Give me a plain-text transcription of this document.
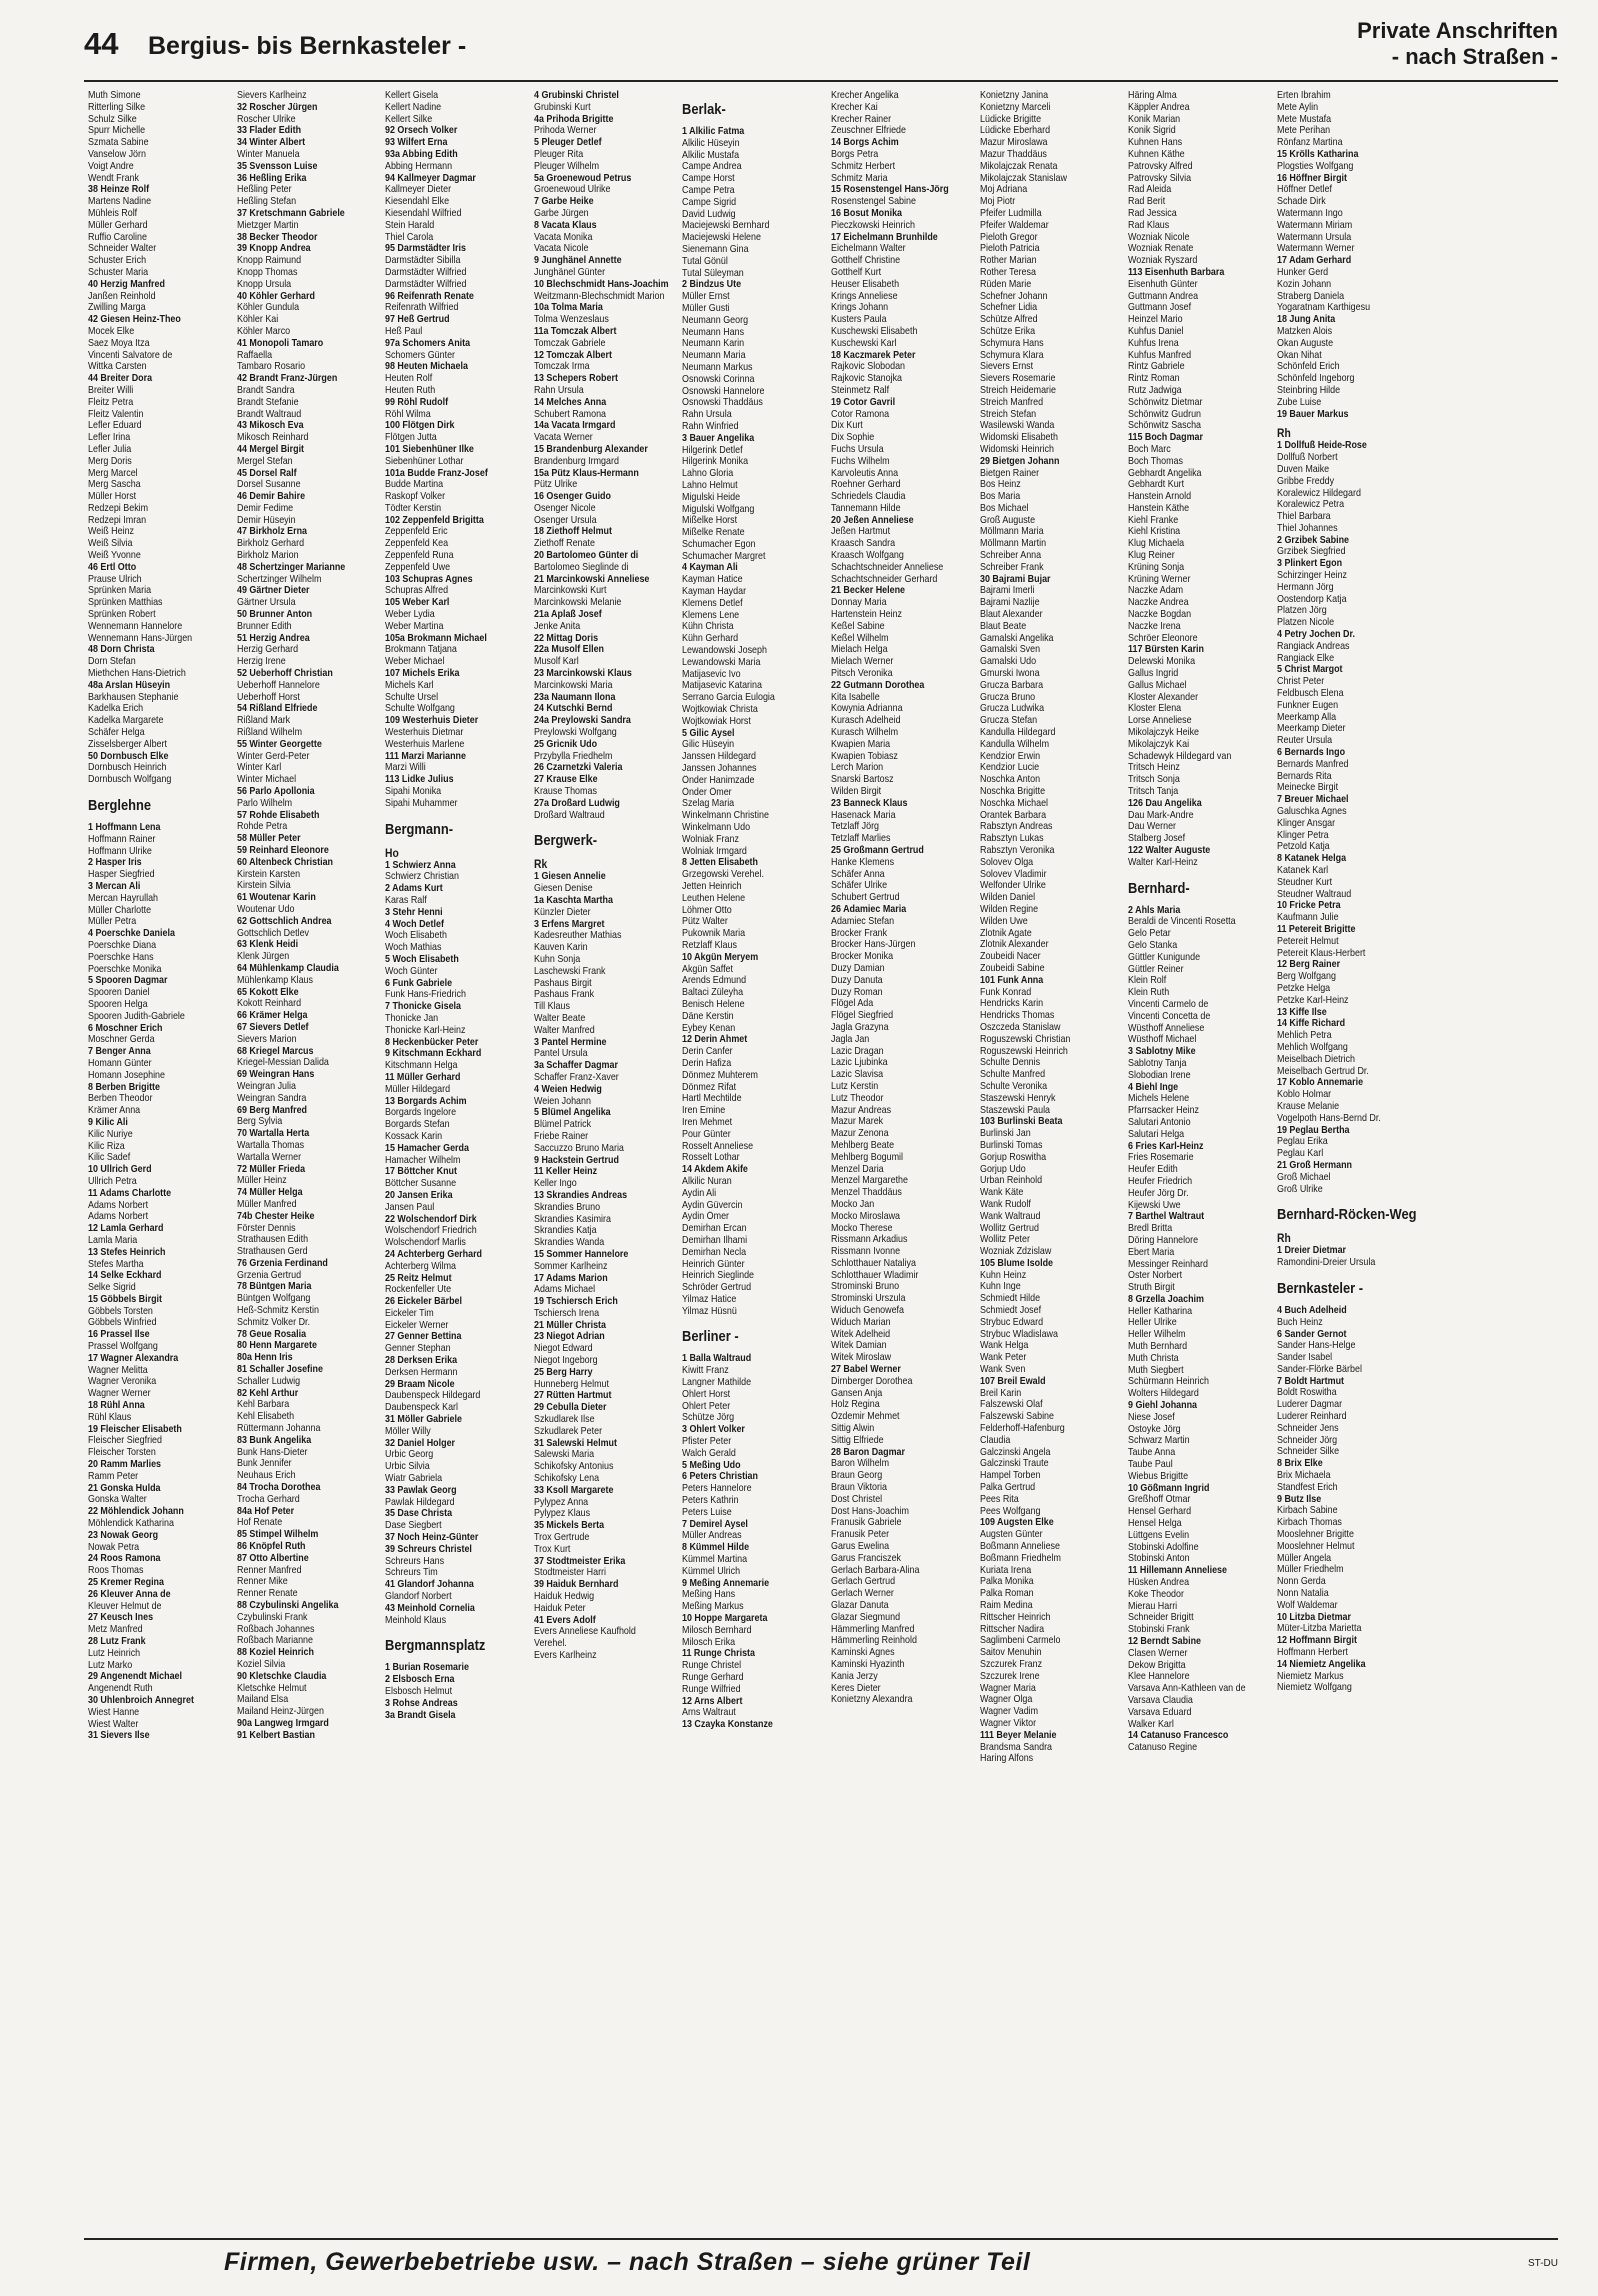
44 Bergius- bis Bernkasteler -
Private Anschriften
- nach Straßen -
Muth Simone
Ritterling Silke
Schulz Silke
Spurr Michelle
Szmata Sabine
Vanselow Jörn
Voigt Andre
Wendt Frank
38 Heinze Rolf
Martens Nadine
Mühleis Rolf
Müller Gerhard
Ruffio Caroline
Schneider Walter
Schuster Erich
Schuster Maria
40 Herzig Manfred
Janßen Reinhold
Zwilling Marga
42 Giesen Heinz-Theo
Mocek Elke
Saez Moya Itza
Vincenti Salvatore de
Wittka Carsten
44 Breiter Dora
Breiter Willi
Fleitz Petra
Fleitz Valentin
Lefler Eduard
Lefler Irina
Lefler Julia
Merg Doris
Merg Marcel
Merg Sascha
Müller Horst
Redzepi Bekim
Redzepi Imran
Weiß Heinz
Weiß Silvia
Weiß Yvonne
46 Ertl Otto
Prause Ulrich
Sprünken Maria
Sprünken Matthias
Sprünken Robert
Wennemann Hannelore
Wennemann Hans-Jürgen
48 Dorn Christa
Dorn Stefan
Miethchen Hans-Dietrich
48a Arslan Hüseyin
Barkhausen Stephanie
Kadelka Erich
Kadelka Margarete
Schäfer Helga
Zisselsberger Albert
50 Dornbusch Elke
Dornbusch Heinrich
Dornbusch Wolfgang
Berglehne
1 Hoffmann Lena
Hoffmann Rainer
Hoffmann Ulrike
2 Hasper Iris
Hasper Siegfried
3 Mercan Ali
Mercan Hayrullah
Müller Charlotte
Müller Petra
4 Poerschke Daniela
Poerschke Diana
Poerschke Hans
Poerschke Monika
5 Spooren Dagmar
Spooren Daniel
Spooren Helga
Spooren Judith-Gabriele
6 Moschner Erich
Moschner Gerda
7 Benger Anna
Homann Günter
Homann Josephine
8 Berben Brigitte
Berben Theodor
Krämer Anna
9 Kilic Ali
Kilic Nuriye
Kilic Riza
Kilic Sadef
10 Ullrich Gerd
Ullrich Petra
11 Adams Charlotte
Adams Norbert
Adams Norbert
12 Lamla Gerhard
Lamla Maria
13 Stefes Heinrich
Stefes Martha
14 Selke Eckhard
Selke Sigrid
15 Göbbels Birgit
Göbbels Torsten
Göbbels Winfried
16 Prassel Ilse
Prassel Wolfgang
17 Wagner Alexandra
Wagner Melitta
Wagner Veronika
Wagner Werner
18 Rühl Anna
Rühl Klaus
19 Fleischer Elisabeth
Fleischer Siegfried
Fleischer Torsten
20 Ramm Marlies
Ramm Peter
21 Gonska Hulda
Gonska Walter
22 Möhlendick Johann
Möhlendick Katharina
23 Nowak Georg
Nowak Petra
24 Roos Ramona
Roos Thomas
25 Kremer Regina
26 Kleuver Anna de
Kleuver Helmut de
27 Keusch Ines
Metz Manfred
28 Lutz Frank
Lutz Heinrich
Lutz Marko
29 Angenendt Michael
Angenendt Ruth
30 Uhlenbroich Annegret
Wiest Hanne
Wiest Walter
31 Sievers Ilse
Sievers Karlheinz
32 Roscher Jürgen
Roscher Ulrike
33 Flader Edith
34 Winter Albert
Winter Manuela
35 Svensson Luise
36 Heßling Erika
Heßling Peter
Heßling Stefan
37 Kretschmann Gabriele
Mietzger Martin
38 Becker Theodor
39 Knopp Andrea
Knopp Raimund
Knopp Thomas
Knopp Ursula
40 Köhler Gerhard
Köhler Gundula
Köhler Kai
Köhler Marco
41 Monopoli Tamaro
Raffaella
Tambaro Rosario
42 Brandt Franz-Jürgen
Brandt Sandra
Brandt Stefanie
Brandt Waltraud
43 Mikosch Eva
Mikosch Reinhard
44 Mergel Birgit
Mergel Stefan
45 Dorsel Ralf
Dorsel Susanne
46 Demir Bahire
Demir Fedime
Demir Hüseyin
47 Birkholz Erna
Birkholz Gerhard
Birkholz Marion
48 Schertzinger Marianne
Schertzinger Wilhelm
49 Gärtner Dieter
Gärtner Ursula
50 Brunner Anton
Brunner Edith
51 Herzig Andrea
Herzig Gerhard
Herzig Irene
52 Ueberhoff Christian
Ueberhoff Hannelore
Ueberhoff Horst
54 Rißland Elfriede
Rißland Mark
Rißland Wilhelm
55 Winter Georgette
Winter Gerd-Peter
Winter Karl
Winter Michael
56 Parlo Apollonia
Parlo Wilhelm
57 Rohde Elisabeth
Rohde Petra
58 Müller Peter
59 Reinhard Eleonore
60 Altenbeck Christian
Kirstein Karsten
Kirstein Silvia
61 Woutenar Karin
Woutenar Udo
62 Gottschlich Andrea
Gottschlich Detlev
63 Klenk Heidi
Klenk Jürgen
64 Mühlenkamp Claudia
Mühlenkamp Klaus
65 Kokott Elke
Kokott Reinhard
66 Krämer Helga
67 Sievers Detlef
Sievers Marion
68 Kriegel Marcus
Kriegel-Messian Dalida
69 Weingran Hans
Weingran Julia
Weingran Sandra
69 Berg Manfred
Berg Sylvia
70 Wartalla Herta
Wartalla Thomas
Wartalla Werner
72 Müller Frieda
Müller Heinz
74 Müller Helga
Müller Manfred
74b Chester Heike
Förster Dennis
Strathausen Edith
Strathausen Gerd
76 Grzenia Ferdinand
Grzenia Gertrud
78 Büntgen Maria
Büntgen Wolfgang
Heß-Schmitz Kerstin
Schmitz Volker Dr.
78 Geue Rosalia
80 Henn Margarete
80a Henn Iris
81 Schaller Josefine
Schaller Ludwig
82 Kehl Arthur
Kehl Barbara
Kehl Elisabeth
Rüttermann Johanna
83 Bunk Angelika
Bunk Hans-Dieter
Bunk Jennifer
Neuhaus Erich
84 Trocha Dorothea
Trocha Gerhard
84a Hof Peter
Hof Renate
85 Stimpel Wilhelm
86 Knöpfel Ruth
87 Otto Albertine
Renner Manfred
Renner Mike
Renner Renate
88 Czybulinski Angelika
Czybulinski Frank
Roßbach Johannes
Roßbach Marianne
88 Koziel Heinrich
Koziel Silvia
90 Kletschke Claudia
Kletschke Helmut
Mailand Elsa
Mailand Heinz-Jürgen
90a Langweg Irmgard
91 Kelbert Bastian
Kellert Gisela
Kellert Nadine
Kellert Silke
92 Orsech Volker
93 Wilfert Erna
93a Abbing Edith
Abbing Hermann
94 Kallmeyer Dagmar
Kallmeyer Dieter
Kiesendahl Elke
Kiesendahl Wilfried
Stein Harald
Thiel Carola
95 Darmstädter Iris
Darmstädter Sibilla
Darmstädter Wilfried
Darmstädter Wilfried
96 Reifenrath Renate
Reifenrath Wilfried
97 Heß Gertrud
Heß Paul
97a Schomers Anita
Schomers Günter
98 Heuten Michaela
Heuten Rolf
Heuten Ruth
99 Röhl Rudolf
Röhl Wilma
100 Flötgen Dirk
Flötgen Jutta
101 Siebenhüner Ilke
Siebenhüner Lothar
101a Budde Franz-Josef
Budde Martina
Raskopf Volker
Tödter Kerstin
102 Zeppenfeld Brigitta
Zeppenfeld Eric
Zeppenfeld Kea
Zeppenfeld Runa
Zeppenfeld Uwe
103 Schupras Agnes
Schupras Alfred
105 Weber Karl
Weber Lydia
Weber Martina
105a Brokmann Michael
Brokmann Tatjana
Weber Michael
107 Michels Erika
Michels Karl
Schulte Ursel
Schulte Wolfgang
109 Westerhuis Dieter
Westerhuis Dietmar
Westerhuis Marlene
111 Marzi Marianne
Marzi Willi
113 Lidke Julius
Sipahi Monika
Sipahi Muhammer
Bergmann-
Ho
1 Schwierz Anna
Schwierz Christian
2 Adams Kurt
Karas Ralf
3 Stehr Henni
4 Woch Detlef
Woch Elisabeth
Woch Mathias
5 Woch Elisabeth
Woch Günter
6 Funk Gabriele
Funk Hans-Friedrich
7 Thonicke Gisela
Thonicke Jan
Thonicke Karl-Heinz
8 Heckenbücker Peter
9 Kitschmann Eckhard
Kitschmann Helga
11 Müller Gerhard
Müller Hildegard
13 Borgards Achim
Borgards Ingelore
Borgards Stefan
Kossack Karin
15 Hamacher Gerda
Hamacher Wilhelm
17 Böttcher Knut
Böttcher Susanne
20 Jansen Erika
Jansen Paul
22 Wolschendorf Dirk
Wolschendorf Friedrich
Wolschendorf Marlis
24 Achterberg Gerhard
Achterberg Wilma
25 Reitz Helmut
Rockenfeller Ute
26 Eickeler Bärbel
Eickeler Tim
Eickeler Werner
27 Genner Bettina
Genner Stephan
28 Derksen Erika
Derksen Hermann
29 Braam Nicole
Daubenspeck Hildegard
Daubenspeck Karl
31 Möller Gabriele
Möller Willy
32 Daniel Holger
Urbic Georg
Urbic Silvia
Wiatr Gabriela
33 Pawlak Georg
Pawlak Hildegard
35 Dase Christa
Dase Siegbert
37 Noch Heinz-Günter
39 Schreurs Christel
Schreurs Hans
Schreurs Tim
41 Glandorf Johanna
Glandorf Norbert
43 Meinhold Cornelia
Meinhold Klaus
Bergmannsplatz
1 Burian Rosemarie
2 Elsbosch Erna
Elsbosch Helmut
3 Rohse Andreas
3a Brandt Gisela
4 Grubinski Christel
Grubinski Kurt
4a Prihoda Brigitte
Prihoda Werner
5 Pleuger Detlef
Pleuger Rita
Pleuger Wilhelm
5a Groenewoud Petrus
Groenewoud Ulrike
7 Garbe Heike
Garbe Jürgen
8 Vacata Klaus
Vacata Monika
Vacata Nicole
9 Junghänel Annette
Junghänel Günter
10 Blechschmidt Hans-Joachim
Weitzmann-Blechschmidt Marion
10a Tolma Maria
Tolma Wenzeslaus
11a Tomczak Albert
Tomczak Gabriele
12 Tomczak Albert
Tomczak Irma
13 Schepers Robert
Rahn Ursula
14 Melches Anna
Schubert Ramona
14a Vacata Irmgard
Vacata Werner
15 Brandenburg Alexander
Brandenburg Irmgard
15a Pütz Klaus-Hermann
Pütz Ulrike
16 Osenger Guido
Osenger Nicole
Osenger Ursula
18 Ziethoff Helmut
Ziethoff Renate
20 Bartolomeo Günter di
Bartolomeo Sieglinde di
21 Marcinkowski Anneliese
Marcinkowski Kurt
Marcinkowski Melanie
21a Aplaß Josef
Jenke Anita
22 Mittag Doris
22a Musolf Ellen
Musolf Karl
23 Marcinkowski Klaus
Marcinkowski Maria
23a Naumann Ilona
24 Kutschki Bernd
24a Preylowski Sandra
Preylowski Wolfgang
25 Gricnik Udo
Przybylla Friedhelm
26 Czarnetzki Valeria
27 Krause Elke
Krause Thomas
27a Droßard Ludwig
Droßard Waltraud
Bergwerk-
Rk
1 Giesen Annelie
Giesen Denise
1a Kaschta Martha
Künzler Dieter
3 Erfens Margret
Kadesreuther Mathias
Kauven Karin
Kuhn Sonja
Laschewski Frank
Pashaus Birgit
Pashaus Frank
Till Klaus
Walter Beate
Walter Manfred
3 Pantel Hermine
Pantel Ursula
3a Schaffer Dagmar
Schaffer Franz-Xaver
4 Weien Hedwig
Weien Johann
5 Blümel Angelika
Blümel Patrick
Friebe Rainer
Saccuzzo Bruno Maria
9 Hackstein Gertrud
11 Keller Heinz
Keller Ingo
13 Skrandies Andreas
Skrandies Bruno
Skrandies Kasimira
Skrandies Katja
Skrandies Wanda
15 Sommer Hannelore
Sommer Karlheinz
17 Adams Marion
Adams Michael
19 Tschiersch Erich
Tschiersch Irena
21 Müller Christa
23 Niegot Adrian
Niegot Edward
Niegot Ingeborg
25 Berg Harry
Hunneberg Helmut
27 Rütten Hartmut
29 Cebulla Dieter
Szkudlarek Ilse
Szkudlarek Peter
31 Salewski Helmut
Salewski Maria
Schikofsky Antonius
Schikofsky Lena
33 Ksoll Margarete
Pylypez Anna
Pylypez Klaus
35 Mickels Berta
Trox Gertrude
Trox Kurt
37 Stodtmeister Erika
Stodtmeister Harri
39 Haiduk Bernhard
Haiduk Hedwig
Haiduk Peter
41 Evers Adolf
Evers Anneliese Kaufhold
Verehel.
Evers Karlheinz
Berlak-
1 Alkilic Fatma
Alkilic Hüseyin
Alkilic Mustafa
Campe Andrea
Campe Horst
Campe Petra
Campe Sigrid
David Ludwig
Maciejewski Bernhard
Maciejewski Helene
Sienemann Gina
Tutal Gönül
Tutal Süleyman
2 Bindzus Ute
Müller Ernst
Müller Gusti
Neumann Georg
Neumann Hans
Neumann Karin
Neumann Maria
Neumann Markus
Osnowski Corinna
Osnowski Hannelore
Osnowski Thaddäus
Rahn Ursula
Rahn Winfried
3 Bauer Angelika
Hilgerink Detlef
Hilgerink Monika
Lahno Gloria
Lahno Helmut
Migulski Heide
Migulski Wolfgang
Mißelke Horst
Mißelke Renate
Schumacher Egon
Schumacher Margret
4 Kayman Ali
Kayman Hatice
Kayman Haydar
Klemens Detlef
Klemens Lene
Kühn Christa
Kühn Gerhard
Lewandowski Joseph
Lewandowski Maria
Matijasevic Ivo
Matijasevic Katarina
Serrano Garcia Eulogia
Wojtkowiak Christa
Wojtkowiak Horst
5 Gilic Aysel
Gilic Hüseyin
Janssen Hildegard
Janssen Johannes
Önder Hanimzade
Önder Ömer
Szelag Maria
Winkelmann Christine
Winkelmann Udo
Wolniak Franz
Wolniak Irmgard
8 Jetten Elisabeth
Grzegowski Verehel.
Jetten Heinrich
Leuthen Helene
Löhmer Otto
Pütz Walter
Pukownik Maria
Retzlaff Klaus
10 Akgün Meryem
Akgün Saffet
Arends Edmund
Baltaci Züleyha
Benisch Helene
Däne Kerstin
Eybey Kenan
12 Derin Ahmet
Derin Canfer
Derin Hafiza
Dönmez Muhterem
Dönmez Rifat
Hartl Mechtilde
Iren Emine
Iren Mehmet
Pour Günter
Rosselt Anneliese
Rosselt Lothar
14 Akdem Akife
Alkilic Nuran
Aydin Ali
Aydin Güvercin
Aydin Ömer
Demirhan Ercan
Demirhan Ilhami
Demirhan Necla
Heinrich Günter
Heinrich Sieglinde
Schröder Gertrud
Yilmaz Hatice
Yilmaz Hüsnü
Berliner -
1 Balla Waltraud
Kiwitt Franz
Langner Mathilde
Ohlert Horst
Ohlert Peter
Schütze Jörg
3 Ohlert Volker
Pfister Peter
Walch Gerald
5 Meßing Udo
6 Peters Christian
Peters Hannelore
Peters Kathrin
Peters Luise
7 Demirel Aysel
Müller Andreas
8 Kümmel Hilde
Kümmel Martina
Kümmel Ulrich
9 Meßing Annemarie
Meßing Hans
Meßing Markus
10 Hoppe Margareta
Milosch Bernhard
Milosch Erika
11 Runge Christa
Runge Christel
Runge Gerhard
Runge Wilfried
12 Arns Albert
Arns Waltraut
13 Czayka Konstanze
Krecher Angelika
Krecher Kai
Krecher Rainer
Zeuschner Elfriede
14 Borgs Achim
Borgs Petra
Schmitz Herbert
Schmitz Maria
15 Rosenstengel Hans-Jörg
Rosenstengel Sabine
16 Bosut Monika
Pieczkowski Heinrich
17 Eichelmann Brunhilde
Eichelmann Walter
Gotthelf Christine
Gotthelf Kurt
Heuser Elisabeth
Krings Anneliese
Krings Johann
Kusters Paula
Kuschewski Elisabeth
Kuschewski Karl
18 Kaczmarek Peter
Rajkovic Slobodan
Rajkovic Stanojka
Steinmetz Ralf
19 Cotor Gavril
Cotor Ramona
Dix Kurt
Dix Sophie
Fuchs Ursula
Fuchs Wilhelm
Karvoleutis Anna
Roehner Gerhard
Schriedels Claudia
Tannemann Hilde
20 Jeßen Anneliese
Jeßen Hartmut
Kraasch Sandra
Kraasch Wolfgang
Schachtschneider Anneliese
Schachtschneider Gerhard
21 Becker Helene
Donnay Maria
Hartenstein Heinz
Keßel Sabine
Keßel Wilhelm
Mielach Helga
Mielach Werner
Pitsch Veronika
22 Gutmann Dorothea
Kita Isabelle
Kowynia Adrianna
Kurasch Adelheid
Kurasch Wilhelm
Kwapien Maria
Kwapien Tobiasz
Lerch Marion
Snarski Bartosz
Wilden Birgit
23 Banneck Klaus
Hasenack Maria
Tetzlaff Jörg
Tetzlaff Marlies
25 Großmann Gertrud
Hanke Klemens
Schäfer Anna
Schäfer Ulrike
Schubert Gertrud
26 Adamiec Maria
Adamiec Stefan
Brocker Frank
Brocker Hans-Jürgen
Brocker Monika
Duzy Damian
Duzy Danuta
Duzy Roman
Flögel Ada
Flögel Siegfried
Jagla Grazyna
Jagla Jan
Lazic Dragan
Lazic Ljubinka
Lazic Slavisa
Lutz Kerstin
Lutz Theodor
Mazur Andreas
Mazur Marek
Mazur Zenona
Mehlberg Beate
Mehlberg Bogumil
Menzel Daria
Menzel Margarethe
Menzel Thaddäus
Mocko Jan
Mocko Miroslawa
Mocko Therese
Rissmann Arkadius
Rissmann Ivonne
Schlotthauer Nataliya
Schlotthauer Wladimir
Strominski Bruno
Strominski Urszula
Widuch Genowefa
Widuch Marian
Witek Adelheid
Witek Damian
Witek Miroslaw
27 Babel Werner
Dirnberger Dorothea
Gansen Anja
Holz Regina
Özdemir Mehmet
Sittig Alwin
Sittig Elfriede
28 Baron Dagmar
Baron Wilhelm
Braun Georg
Braun Viktoria
Dost Christel
Dost Hans-Joachim
Franusik Gabriele
Franusik Peter
Garus Ewelina
Garus Franciszek
Gerlach Barbara-Alina
Gerlach Gertrud
Gerlach Werner
Glazar Danuta
Glazar Siegmund
Hämmerling Manfred
Hämmerling Reinhold
Kaminski Agnes
Kaminski Hyazinth
Kania Jerzy
Keres Dieter
Konietzny Alexandra
Konietzny Janina
Konietzny Marceli
Lüdicke Brigitte
Lüdicke Eberhard
Mazur Miroslawa
Mazur Thaddäus
Mikolajczak Renata
Mikolajczak Stanislaw
Moj Adriana
Moj Piotr
Pfeifer Ludmilla
Pfeifer Waldemar
Pieloth Gregor
Pieloth Patricia
Rother Marian
Rother Teresa
Rüden Marie
Schefner Johann
Schefner Lidia
Schütze Alfred
Schütze Erika
Schymura Hans
Schymura Klara
Sievers Ernst
Sievers Rosemarie
Streich Heidemarie
Streich Manfred
Streich Stefan
Wasilewski Wanda
Widomski Elisabeth
Widomski Heinrich
29 Bietgen Johann
Bietgen Rainer
Bos Heinz
Bos Maria
Bos Michael
Groß Auguste
Möllmann Maria
Möllmann Martin
Schreiber Anna
Schreiber Frank
30 Bajrami Bujar
Bajrami Imerli
Bajrami Nazlije
Blaut Alexander
Blaut Beate
Gamalski Angelika
Gamalski Sven
Gamalski Udo
Gmurski Iwona
Grucza Barbara
Grucza Bruno
Grucza Ludwika
Grucza Stefan
Kandulla Hildegard
Kandulla Wilhelm
Kendzior Erwin
Kendzior Lucie
Noschka Anton
Noschka Brigitte
Noschka Michael
Orantek Barbara
Rabsztyn Andreas
Rabsztyn Lukas
Rabsztyn Veronika
Solovev Olga
Solovev Vladimir
Welfonder Ulrike
Wilden Daniel
Wilden Regine
Wilden Uwe
Zlotnik Agate
Zlotnik Alexander
Zoubeidi Nacer
Zoubeidi Sabine
101 Funk Anna
Funk Konrad
Hendricks Karin
Hendricks Thomas
Oszczeda Stanislaw
Roguszewski Christian
Roguszewski Heinrich
Schulte Dennis
Schulte Manfred
Schulte Veronika
Staszewski Henryk
Staszewski Paula
103 Burlinski Beata
Burlinski Jan
Burlinski Tomas
Gorjup Roswitha
Gorjup Udo
Urban Reinhold
Wank Käte
Wank Rudolf
Wank Waltraud
Wollitz Gertrud
Wollitz Peter
Wozniak Zdzislaw
105 Blume Isolde
Kuhn Heinz
Kuhn Inge
Schmiedt Hilde
Schmiedt Josef
Strybuc Edward
Strybuc Wladislawa
Wank Helga
Wank Peter
Wank Sven
107 Breil Ewald
Breil Karin
Falszewski Olaf
Falszewski Sabine
Felderhoff-Hafenburg
Claudia
Galczinski Angela
Galczinski Traute
Hampel Torben
Palka Gertrud
Pees Rita
Pees Wolfgang
109 Augsten Elke
Augsten Günter
Boßmann Anneliese
Boßmann Friedhelm
Kuriata Irena
Palka Monika
Palka Roman
Raim Medina
Rittscher Heinrich
Rittscher Nadira
Saglimbeni Carmelo
Saitov Menuhin
Szczurek Franz
Szczurek Irene
Wagner Maria
Wagner Olga
Wagner Vadim
Wagner Viktor
111 Beyer Melanie
Brandsma Sandra
Haring Alfons
Häring Alma
Käppler Andrea
Konik Marian
Konik Sigrid
Kuhnen Hans
Kuhnen Käthe
Patrovsky Alfred
Patrovsky Silvia
Rad Aleida
Rad Berit
Rad Jessica
Rad Klaus
Wozniak Nicole
Wozniak Renate
Wozniak Ryszard
113 Eisenhuth Barbara
Eisenhuth Günter
Guttmann Andrea
Guttmann Josef
Heinzel Mario
Kuhfus Daniel
Kuhfus Irena
Kuhfus Manfred
Rintz Gabriele
Rintz Roman
Rutz Jadwiga
Schönwitz Dietmar
Schönwitz Gudrun
Schönwitz Sascha
115 Boch Dagmar
Boch Marc
Boch Thomas
Gebhardt Angelika
Gebhardt Kurt
Hanstein Arnold
Hanstein Käthe
Kiehl Franke
Kiehl Kristina
Klug Michaela
Klug Reiner
Krüning Sonja
Krüning Werner
Naczke Adam
Naczke Andrea
Naczke Bogdan
Naczke Irena
Schröer Eleonore
117 Bürsten Karin
Delewski Monika
Gallus Ingrid
Gallus Michael
Kloster Alexander
Kloster Elena
Lorse Anneliese
Mikolajczyk Heike
Mikolajczyk Kai
Schadewyk Hildegard van
Tritsch Heinz
Tritsch Sonja
Tritsch Tanja
126 Dau Angelika
Dau Mark-Andre
Dau Werner
Stalberg Josef
122 Walter Auguste
Walter Karl-Heinz
Bernhard-
2 Ahls Maria
Beraldi de Vincenti Rosetta
Gelo Petar
Gelo Stanka
Güttler Kunigunde
Güttler Reiner
Klein Rolf
Klein Ruth
Vincenti Carmelo de
Vincenti Concetta de
Wüsthoff Anneliese
Wüsthoff Michael
3 Sablotny Mike
Sablotny Tanja
Slobodian Irene
4 Biehl Inge
Michels Helene
Pfarrsacker Heinz
Salutari Antonio
Salutari Helga
6 Fries Karl-Heinz
Fries Rosemarie
Heufer Edith
Heufer Friedrich
Heufer Jörg Dr.
Kijewski Uwe
7 Barthel Waltraut
Bredl Britta
Döring Hannelore
Ebert Maria
Messinger Reinhard
Oster Norbert
Struth Birgit
8 Grzella Joachim
Heller Katharina
Heller Ulrike
Heller Wilhelm
Muth Bernhard
Muth Christa
Muth Siegbert
Schürmann Heinrich
Wolters Hildegard
9 Giehl Johanna
Niese Josef
Ostoyke Jörg
Schwarz Martin
Taube Anna
Taube Paul
Wiebus Brigitte
10 Gößmann Ingrid
Greßhoff Otmar
Hensel Gerhard
Hensel Helga
Lüttgens Evelin
Stobinski Adolfine
Stobinski Anton
11 Hillemann Anneliese
Hüsken Andrea
Koke Theodor
Mierau Harri
Schneider Brigitt
Stobinski Frank
12 Berndt Sabine
Clasen Werner
Dekow Brigitta
Klee Hannelore
Varsava Ann-Kathleen van de
Varsava Claudia
Varsava Eduard
Walker Karl
14 Catanuso Francesco
Catanuso Regine
Erten Ibrahim
Mete Aylin
Mete Mustafa
Mete Perihan
Rönfanz Martina
15 Krölls Katharina
Plogsties Wolfgang
16 Höffner Birgit
Höffner Detlef
Schade Dirk
Watermann Ingo
Watermann Miriam
Watermann Ursula
Watermann Werner
17 Adam Gerhard
Hunker Gerd
Kozin Johann
Straberg Daniela
Yogaratnam Karthigesu
18 Jung Anita
Matzken Alois
Okan Auguste
Okan Nihat
Schönfeld Erich
Schönfeld Ingeborg
Steinbring Hilde
Zube Luise
19 Bauer Markus
Rh
1 Dollfuß Heide-Rose
Dollfuß Norbert
Duven Maike
Gribbe Freddy
Koralewicz Hildegard
Koralewicz Petra
Thiel Barbara
Thiel Johannes
2 Grzibek Sabine
Grzibek Siegfried
3 Plinkert Egon
Schirzinger Heinz
Hermann Jörg
Oostendorp Katja
Platzen Jörg
Platzen Nicole
4 Petry Jochen Dr.
Rangiack Andreas
Rangiack Elke
5 Christ Margot
Christ Peter
Feldbusch Elena
Funkner Eugen
Meerkamp Alla
Meerkamp Dieter
Reuter Ursula
6 Bernards Ingo
Bernards Manfred
Bernards Rita
Meinecke Birgit
7 Breuer Michael
Galuschka Agnes
Klinger Ansgar
Klinger Petra
Petzold Katja
8 Katanek Helga
Katanek Karl
Steudner Kurt
Steudner Waltraud
10 Fricke Petra
Kaufmann Julie
11 Petereit Brigitte
Petereit Helmut
Petereit Klaus-Herbert
12 Berg Rainer
Berg Wolfgang
Petzke Helga
Petzke Karl-Heinz
13 Kiffe Ilse
14 Kiffe Richard
Mehlich Petra
Mehlich Wolfgang
Meiselbach Dietrich
Meiselbach Gertrud Dr.
17 Koblo Annemarie
Koblo Holmar
Krause Melanie
Vogelpoth Hans-Bernd Dr.
19 Peglau Bertha
Peglau Erika
Peglau Karl
21 Groß Hermann
Groß Michael
Groß Ulrike
Bernhard-Röcken-Weg
Rh
1 Dreier Dietmar
Ramondini-Dreier Ursula
Bernkasteler -
4 Buch Adelheid
Buch Heinz
6 Sander Gernot
Sander Hans-Helge
Sander Isabel
Sander-Flörke Bärbel
7 Boldt Hartmut
Boldt Roswitha
Luderer Dagmar
Luderer Reinhard
Schneider Jens
Schneider Jörg
Schneider Silke
8 Brix Elke
Brix Michaela
Standfest Erich
9 Butz Ilse
Kirbach Sabine
Kirbach Thomas
Mooslehner Brigitte
Mooslehner Helmut
Müller Angela
Müller Friedhelm
Nonn Gerda
Nonn Natalia
Wolf Waldemar
10 Litzba Dietmar
Müter-Litzba Marietta
12 Hoffmann Birgit
Hoffmann Herbert
14 Niemietz Angelika
Niemietz Markus
Niemietz Wolfgang
Firmen, Gewerbebetriebe usw. – nach Straßen – siehe grüner Teil	ST-DU
